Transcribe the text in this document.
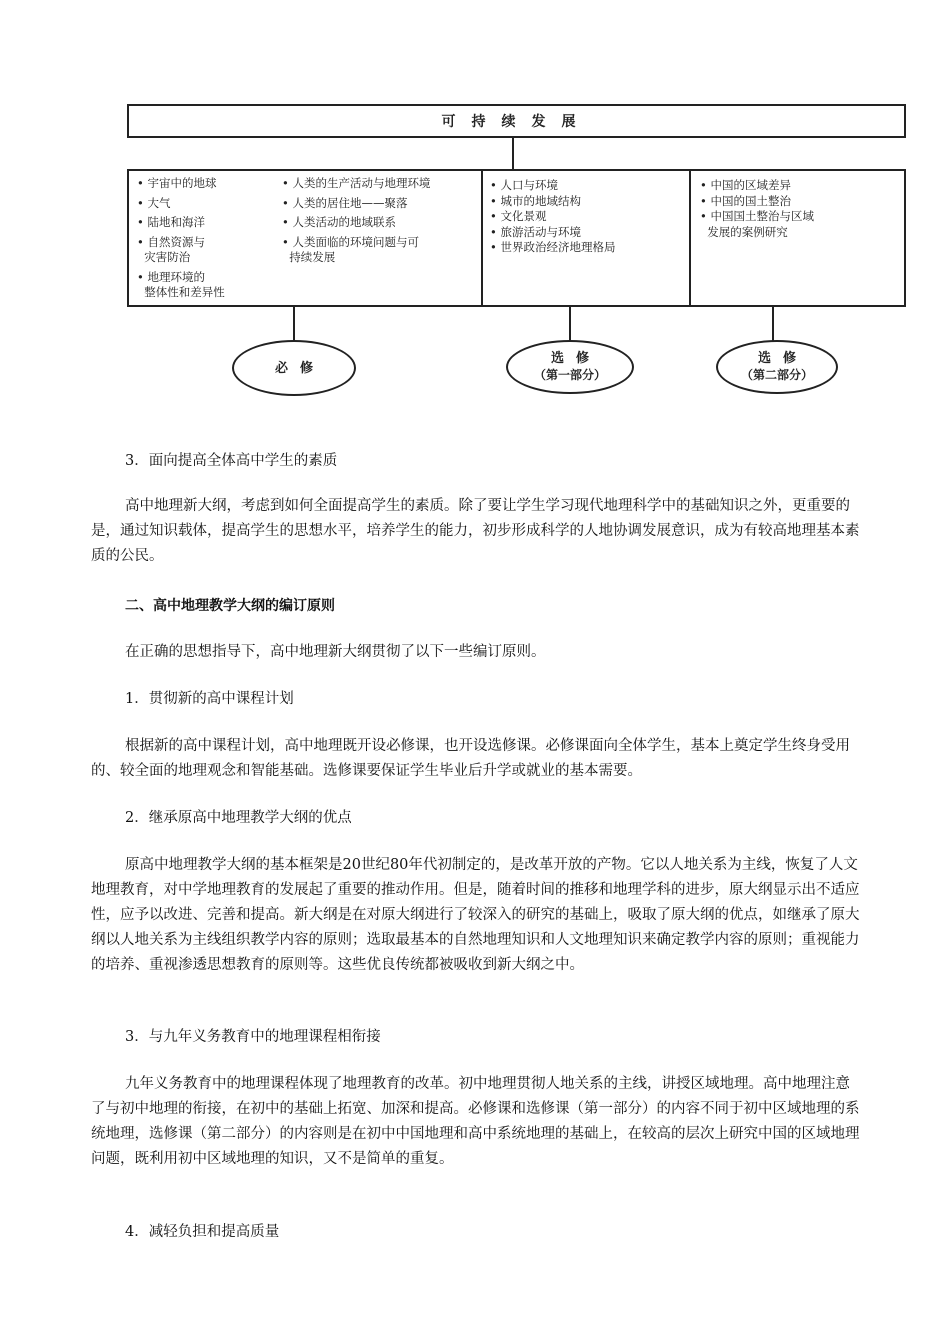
可持续发展
• 宇宙中的地球
• 大气
• 陆地和海洋
• 自然资源与
灾害防治
• 地理环境的
整体性和差异性
• 人类的生产活动与地理环境
• 人类的居住地——聚落
• 人类活动的地域联系
• 人类面临的环境问题与可
持续发展
• 人口与环境
• 城市的地域结构
• 文化景观
• 旅游活动与环境
• 世界政治经济地理格局
• 中国的区域差异
• 中国的国土整治
• 中国国土整治与区域
发展的案例研究
必修
选修
（第一部分）
选修
（第二部分）
3．面向提高全体高中学生的素质
高中地理新大纲，考虑到如何全面提高学生的素质。除了要让学生学习现代地理科学中的基础知识之外，更重要的是，通过知识载体，提高学生的思想水平，培养学生的能力，初步形成科学的人地协调发展意识，成为有较高地理基本素质的公民。
二、高中地理教学大纲的编订原则
在正确的思想指导下，高中地理新大纲贯彻了以下一些编订原则。
1．贯彻新的高中课程计划
根据新的高中课程计划，高中地理既开设必修课，也开设选修课。必修课面向全体学生，基本上奠定学生终身受用的、较全面的地理观念和智能基础。选修课要保证学生毕业后升学或就业的基本需要。
2．继承原高中地理教学大纲的优点
原高中地理教学大纲的基本框架是20世纪80年代初制定的，是改革开放的产物。它以人地关系为主线，恢复了人文地理教育，对中学地理教育的发展起了重要的推动作用。但是，随着时间的推移和地理学科的进步，原大纲显示出不适应性，应予以改进、完善和提高。新大纲是在对原大纲进行了较深入的研究的基础上，吸取了原大纲的优点，如继承了原大纲以人地关系为主线组织教学内容的原则；选取最基本的自然地理知识和人文地理知识来确定教学内容的原则；重视能力的培养、重视渗透思想教育的原则等。这些优良传统都被吸收到新大纲之中。
3．与九年义务教育中的地理课程相衔接
九年义务教育中的地理课程体现了地理教育的改革。初中地理贯彻人地关系的主线，讲授区域地理。高中地理注意了与初中地理的衔接，在初中的基础上拓宽、加深和提高。必修课和选修课（第一部分）的内容不同于初中区域地理的系统地理，选修课（第二部分）的内容则是在初中中国地理和高中系统地理的基础上，在较高的层次上研究中国的区域地理问题，既利用初中区域地理的知识，又不是简单的重复。
4．减轻负担和提高质量
